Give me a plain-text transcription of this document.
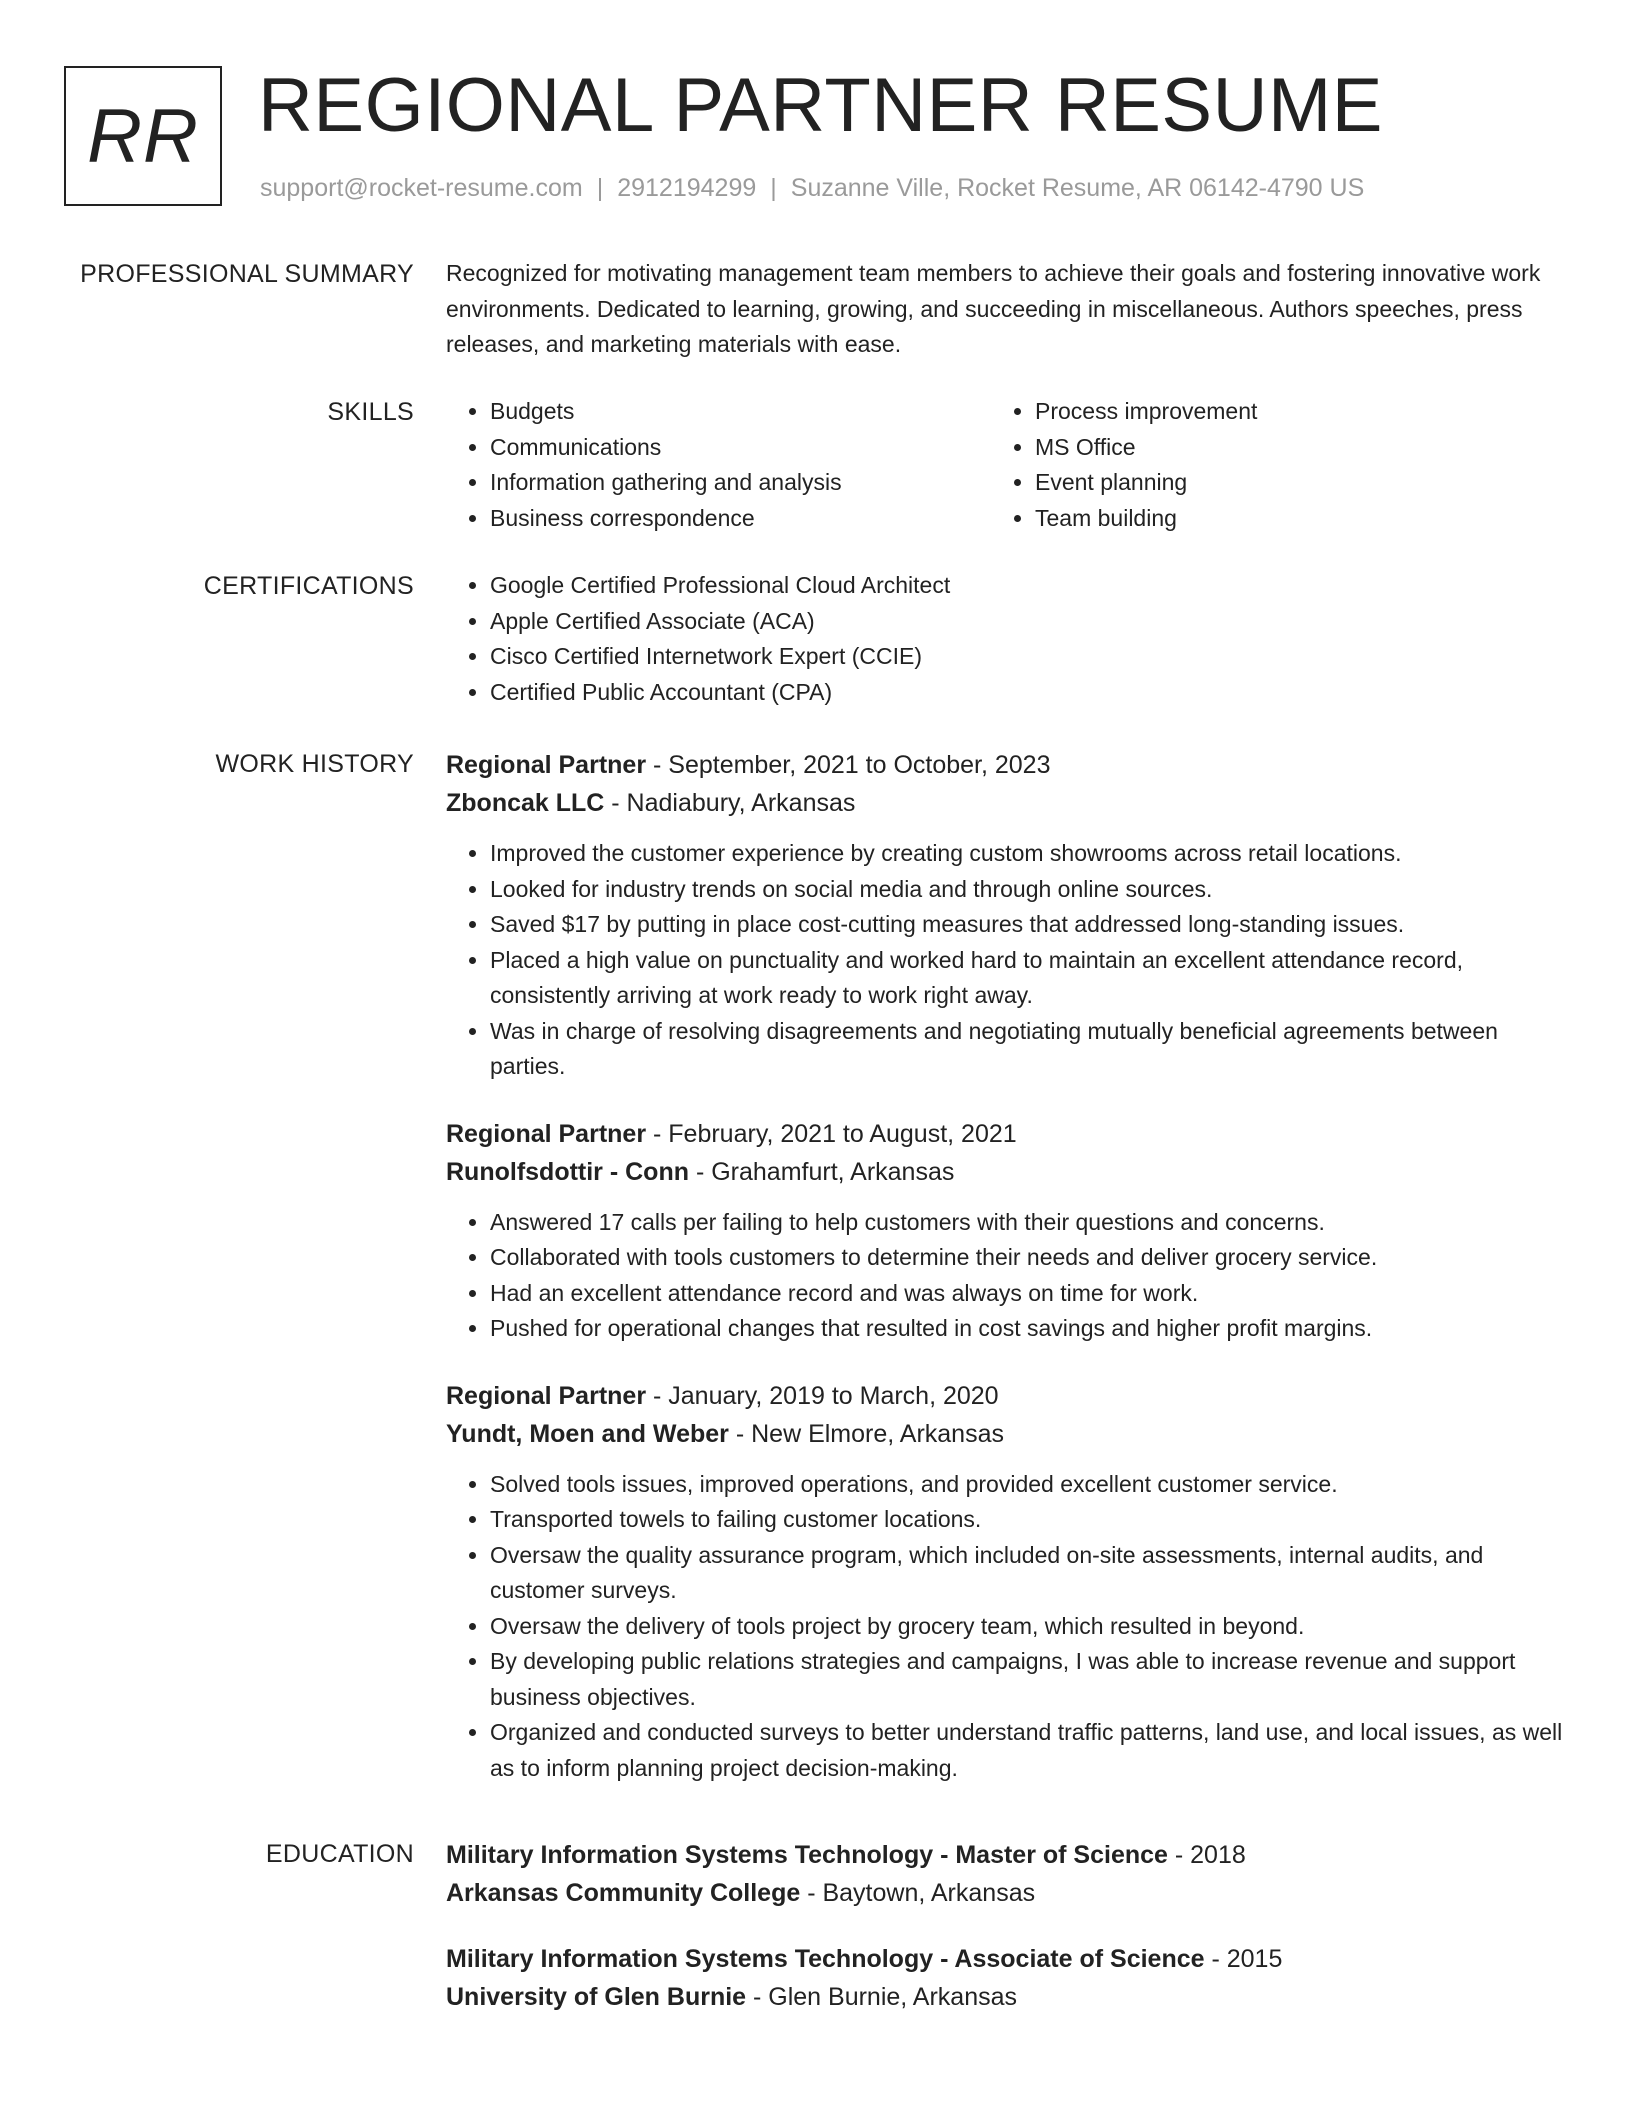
RR REGIONAL PARTNER RESUME
support@rocket-resume.com | 2912194299 | Suzanne Ville, Rocket Resume, AR 06142-4790 US
PROFESSIONAL SUMMARY Recognized for motivating management team members to achieve their goals and fostering innovative work environments. Dedicated to learning, growing, and succeeding in miscellaneous. Authors speeches, press releases, and marketing materials with ease.

SKILLS	• Budgets
• Communications
• Information gathering and analysis
• Business correspondence
• Process improvement
• MS Office
• Event planning
• Team building
CERTIFICATIONS	• Google Certified Professional Cloud Architect
• Apple Certified Associate (ACA)
• Cisco Certified Internetwork Expert (CCIE)
• Certified Public Accountant (CPA)
WORK HISTORY Regional Partner - September, 2021 to October, 2023

Zboncak LLC - Nadiabury, Arkansas

• Improved the customer experience by creating custom showrooms across retail locations.
• Looked for industry trends on social media and through online sources.
• Saved $17 by putting in place cost-cutting measures that addressed long-standing issues.
• Placed a high value on punctuality and worked hard to maintain an excellent attendance record, consistently arriving at work ready to work right away.
• Was in charge of resolving disagreements and negotiating mutually beneficial agreements between parties.

Regional Partner - February, 2021 to August, 2021

Runolfsdottir - Conn - Grahamfurt, Arkansas

• Answered 17 calls per failing to help customers with their questions and concerns.
• Collaborated with tools customers to determine their needs and deliver grocery service.
• Had an excellent attendance record and was always on time for work.
• Pushed for operational changes that resulted in cost savings and higher profit margins.

Regional Partner - January, 2019 to March, 2020

Yundt, Moen and Weber - New Elmore, Arkansas

• Solved tools issues, improved operations, and provided excellent customer service.
• Transported towels to failing customer locations.
• Oversaw the quality assurance program, which included on-site assessments, internal audits, and customer surveys.
• Oversaw the delivery of tools project by grocery team, which resulted in beyond.
• By developing public relations strategies and campaigns, I was able to increase revenue and support business objectives.
• Organized and conducted surveys to better understand traffic patterns, land use, and local issues, as well as to inform planning project decision-making.
EDUCATION Military Information Systems Technology - Master of Science - 2018

Arkansas Community College - Baytown, Arkansas

Military Information Systems Technology - Associate of Science - 2015

University of Glen Burnie - Glen Burnie, Arkansas
